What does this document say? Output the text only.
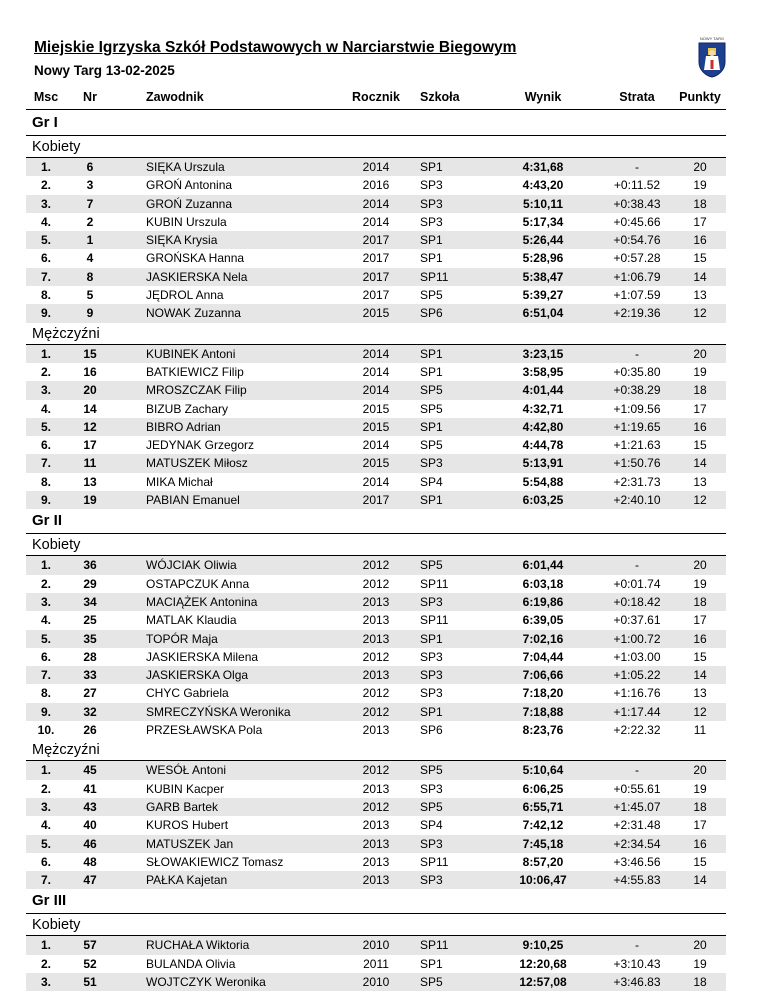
Miejskie Igrzyska Szkół Podstawowych w Narciarstwie Biegowym
Nowy Targ 13-02-2025
NOWY TARG
Msc	Nr	Zawodnik	Rocznik	Szkoła	Wynik	Strata	Punkty
Gr I
Kobiety
1.	6	SIĘKA Urszula	2014	SP1	4:31,68	-	20
2.	3	GROŃ Antonina	2016	SP3	4:43,20	+0:11.52	19
3.	7	GROŃ Zuzanna	2014	SP3	5:10,11	+0:38.43	18
4.	2	KUBIN Urszula	2014	SP3	5:17,34	+0:45.66	17
5.	1	SIĘKA Krysia	2017	SP1	5:26,44	+0:54.76	16
6.	4	GROŃSKA Hanna	2017	SP1	5:28,96	+0:57.28	15
7.	8	JASKIERSKA Nela	2017	SP11	5:38,47	+1:06.79	14
8.	5	JĘDROL Anna	2017	SP5	5:39,27	+1:07.59	13
9.	9	NOWAK Zuzanna	2015	SP6	6:51,04	+2:19.36	12
Mężczyźni
1.	15	KUBINEK Antoni	2014	SP1	3:23,15	-	20
2.	16	BATKIEWICZ Filip	2014	SP1	3:58,95	+0:35.80	19
3.	20	MROSZCZAK Filip	2014	SP5	4:01,44	+0:38.29	18
4.	14	BIZUB Zachary	2015	SP5	4:32,71	+1:09.56	17
5.	12	BIBRO Adrian	2015	SP1	4:42,80	+1:19.65	16
6.	17	JEDYNAK Grzegorz	2014	SP5	4:44,78	+1:21.63	15
7.	11	MATUSZEK Miłosz	2015	SP3	5:13,91	+1:50.76	14
8.	13	MIKA Michał	2014	SP4	5:54,88	+2:31.73	13
9.	19	PABIAN Emanuel	2017	SP1	6:03,25	+2:40.10	12
Gr II
Kobiety
1.	36	WÓJCIAK Oliwia	2012	SP5	6:01,44	-	20
2.	29	OSTAPCZUK Anna	2012	SP11	6:03,18	+0:01.74	19
3.	34	MACIĄŻEK Antonina	2013	SP3	6:19,86	+0:18.42	18
4.	25	MATLAK Klaudia	2013	SP11	6:39,05	+0:37.61	17
5.	35	TOPÓR Maja	2013	SP1	7:02,16	+1:00.72	16
6.	28	JASKIERSKA Milena	2012	SP3	7:04,44	+1:03.00	15
7.	33	JASKIERSKA Olga	2013	SP3	7:06,66	+1:05.22	14
8.	27	CHYC Gabriela	2012	SP3	7:18,20	+1:16.76	13
9.	32	SMRECZYŃSKA Weronika	2012	SP1	7:18,88	+1:17.44	12
10.	26	PRZESŁAWSKA Pola	2013	SP6	8:23,76	+2:22.32	11
Mężczyźni
1.	45	WESÓŁ Antoni	2012	SP5	5:10,64	-	20
2.	41	KUBIN Kacper	2013	SP3	6:06,25	+0:55.61	19
3.	43	GARB Bartek	2012	SP5	6:55,71	+1:45.07	18
4.	40	KUROS Hubert	2013	SP4	7:42,12	+2:31.48	17
5.	46	MATUSZEK Jan	2013	SP3	7:45,18	+2:34.54	16
6.	48	SŁOWAKIEWICZ Tomasz	2013	SP11	8:57,20	+3:46.56	15
7.	47	PAŁKA Kajetan	2013	SP3	10:06,47	+4:55.83	14
Gr III
Kobiety
1.	57	RUCHAŁA Wiktoria	2010	SP11	9:10,25	-	20
2.	52	BULANDA Olivia	2011	SP1	12:20,68	+3:10.43	19
3.	51	WOJTCZYK Weronika	2010	SP5	12:57,08	+3:46.83	18
